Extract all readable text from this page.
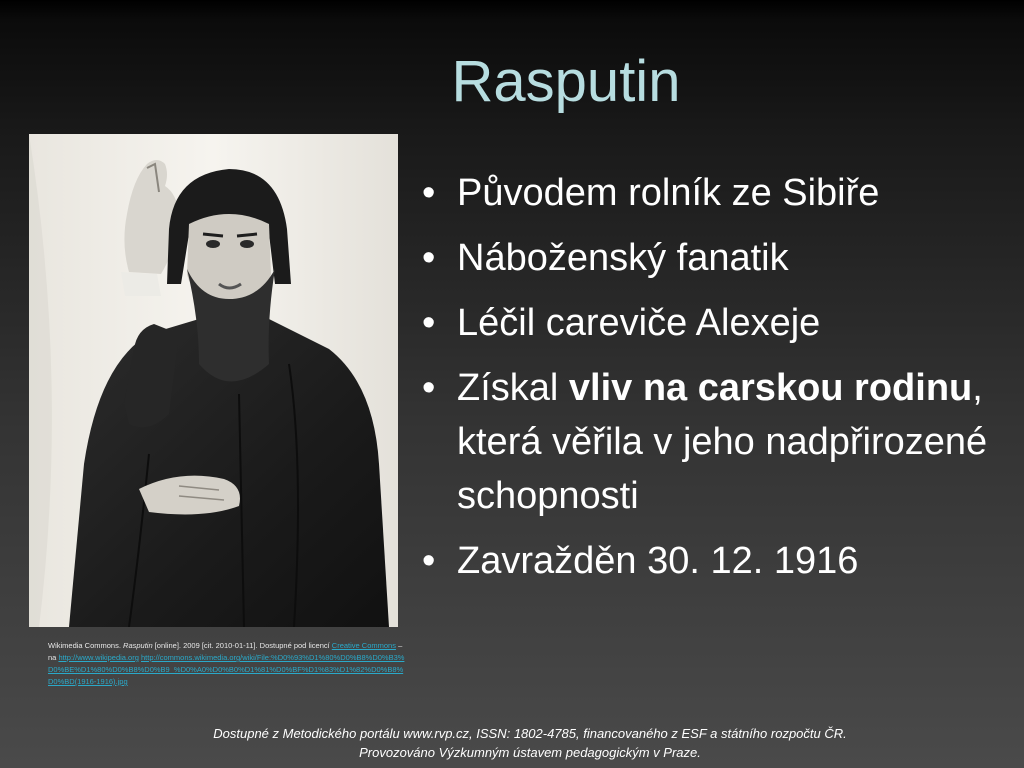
Rasputin
Wikimedia Commons. Rasputin [online]. 2009 [cit. 2010-01-11]. Dostupné pod licencí Creative Commons – na http://www.wikipedia.org http://commons.wikimedia.org/wiki/File:%D0%93%D1%80%D0%B8%D0%B3%D0%BE%D1%80%D0%B8%D0%B9_%D0%A0%D0%B0%D1%81%D0%BF%D1%83%D1%82%D0%B8%D0%BD(1916-1916).jpg
• Původem rolník ze Sibiře
• Náboženský fanatik
• Léčil careviče Alexeje
• Získal vliv na carskou rodinu, která věřila v jeho nadpřirozené schopnosti
• Zavražděn 30. 12. 1916
Dostupné z Metodického portálu www.rvp.cz, ISSN: 1802-4785, financovaného z ESF a státního rozpočtu ČR.
Provozováno Výzkumným ústavem pedagogickým v Praze.
